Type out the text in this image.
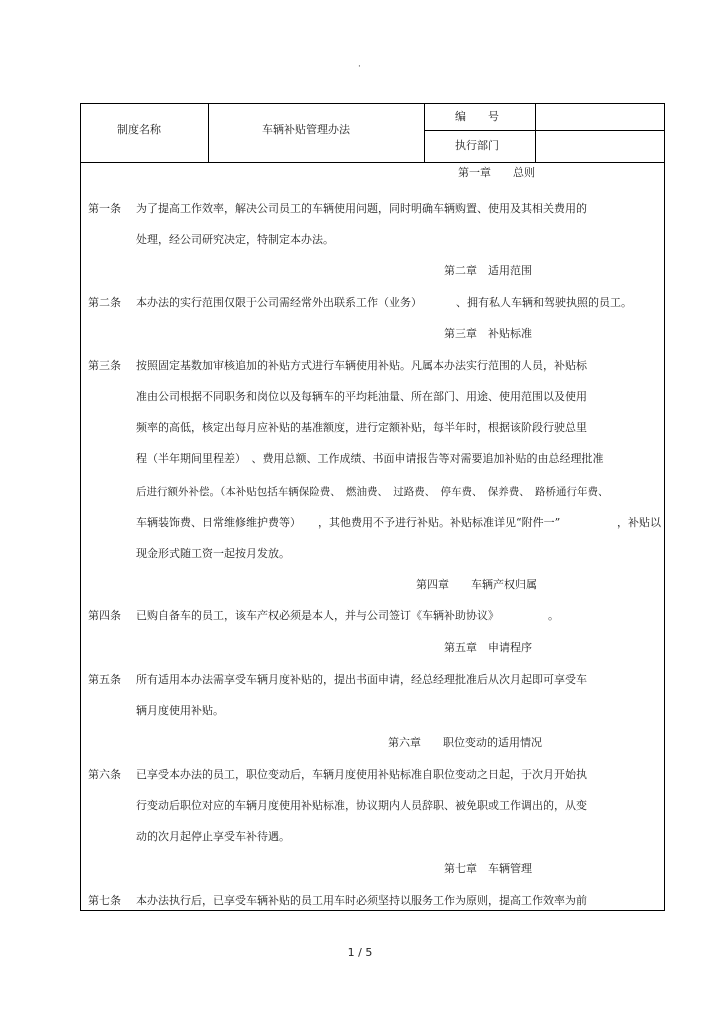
·
制度名称	车辆补贴管理办法
编　　号
执行部门
第一章　　总则
第一条 为了提高工作效率，解决公司员工的车辆使用问题，同时明确车辆购置、使用及其相关费用的
处理，经公司研究决定，特制定本办法。
第二章　适用范围
第二条 本办法的实行范围仅限于公司需经常外出联系工作（业务）	、拥有私人车辆和驾驶执照的员工。
第三章　补贴标准
第三条 按照固定基数加审核追加的补贴方式进行车辆使用补贴。凡属本办法实行范围的人员，补贴标
准由公司根据不同职务和岗位以及每辆车的平均耗油量、所在部门、用途、使用范围以及使用
频率的高低，核定出每月应补贴的基准额度，进行定额补贴，每半年时，根据该阶段行驶总里
程（半年期间里程差）　、费用总额、工作成绩、书面申请报告等对需要追加补贴的由总经理批准
后进行额外补偿。（本补贴包括车辆保险费、　燃油费、　过路费、　停车费、　保养费、　路桥通行年费、
车辆装饰费、日常维修维护费等） ，其他费用不予进行补贴。补贴标准详见“附件一”	，补贴以
现金形式随工资一起按月发放。
第四章　　车辆产权归属
第四条 已购自备车的员工，该车产权必须是本人，并与公司签订《车辆补助协议》	。
第五章　申请程序
第五条 所有适用本办法需享受车辆月度补贴的，提出书面申请，经总经理批准后从次月起即可享受车
辆月度使用补贴。
第六章　　职位变动的适用情况
第六条 已享受本办法的员工，职位变动后，车辆月度使用补贴标准自职位变动之日起，于次月开始执
行变动后职位对应的车辆月度使用补贴标准，协议期内人员辞职、被免职或工作调出的，从变
动的次月起停止享受车补待遇。
第七章　车辆管理
第七条 本办法执行后，已享受车辆补贴的员工用车时必须坚持以服务工作为原则，提高工作效率为前
1 / 5
